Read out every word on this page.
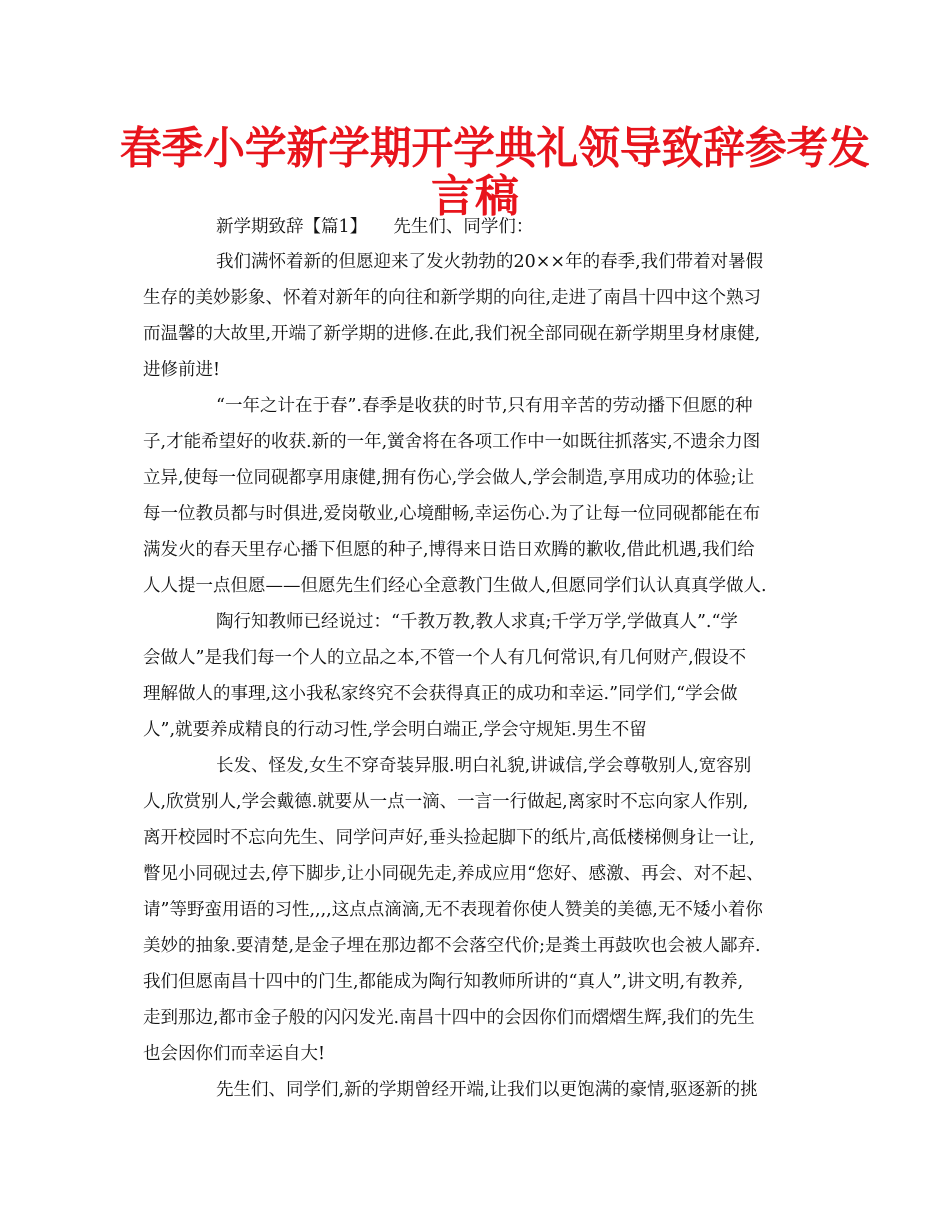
春季小学新学期开学典礼领导致辞参考发
言稿

新学期致辞【篇1】　　先生们、同学们：

我们满怀着新的但愿迎来了发火勃勃的20××年的春季,我们带着对暑假

生存的美妙影象、怀着对新年的向往和新学期的向往,走进了南昌十四中这个熟习

而温馨的大故里,开端了新学期的进修.在此,我们祝全部同砚在新学期里身材康健,

进修前进!

“一年之计在于春”.春季是收获的时节,只有用辛苦的劳动播下但愿的种

子,才能希望好的收获.新的一年,黉舍将在各项工作中一如既往抓落实,不遗余力图

立异,使每一位同砚都享用康健,拥有伤心,学会做人,学会制造,享用成功的体验;让

每一位教员都与时俱进,爱岗敬业,心境酣畅,幸运伤心.为了让每一位同砚都能在布

满发火的春天里存心播下但愿的种子,博得来日诰日欢腾的歉收,借此机遇,我们给

人人提一点但愿——但愿先生们经心全意教门生做人,但愿同学们认认真真学做人.

陶行知教师已经说过：“千教万教,教人求真;千学万学,学做真人”.“学

会做人”是我们每一个人的立品之本,不管一个人有几何常识,有几何财产,假设不

理解做人的事理,这小我私家终究不会获得真正的成功和幸运.”同学们,“学会做

人”,就要养成精良的行动习性,学会明白端正,学会守规矩.男生不留

长发、怪发,女生不穿奇装异服.明白礼貌,讲诚信,学会尊敬别人,宽容别

人,欣赏别人,学会戴德.就要从一点一滴、一言一行做起,离家时不忘向家人作别,

离开校园时不忘向先生、同学问声好,垂头捡起脚下的纸片,高低楼梯侧身让一让,

瞥见小同砚过去,停下脚步,让小同砚先走,养成应用“您好、感激、再会、对不起、

请”等野蛮用语的习性,,,,这点点滴滴,无不表现着你使人赞美的美德,无不矮小着你

美妙的抽象.要清楚,是金子埋在那边都不会落空代价;是粪土再鼓吹也会被人鄙弃.

我们但愿南昌十四中的门生,都能成为陶行知教师所讲的“真人”,讲文明,有教养,

走到那边,都市金子般的闪闪发光.南昌十四中的会因你们而熠熠生辉,我们的先生

也会因你们而幸运自大!

先生们、同学们,新的学期曾经开端,让我们以更饱满的豪情,驱逐新的挑
